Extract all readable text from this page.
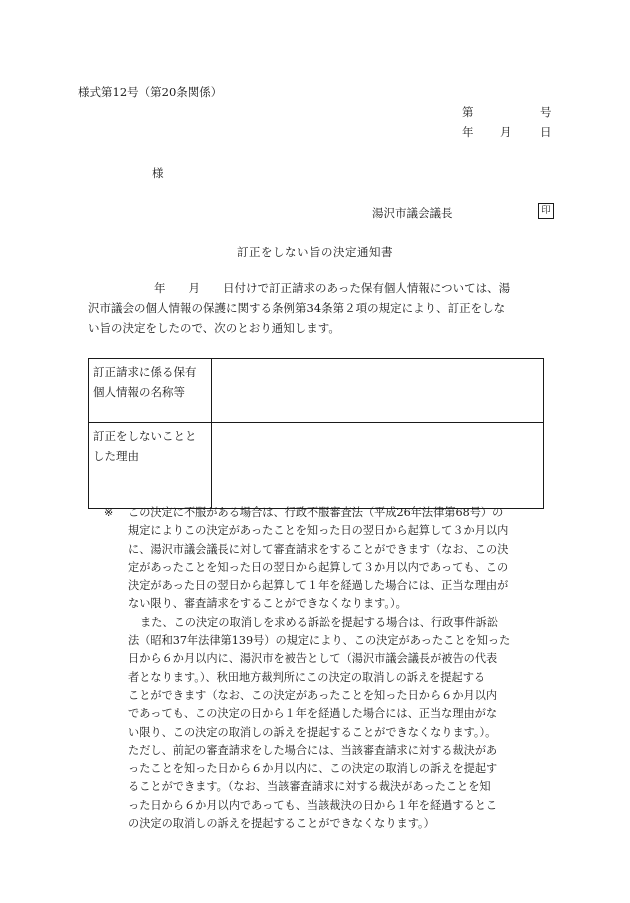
様式第12号（第20条関係）
第	号
年 月 日
様
湯沢市議会議長	印
訂正をしない旨の決定通知書

年　　月　　日付けで訂正請求のあった保有個人情報については、湯

沢市議会の個人情報の保護に関する条例第34条第２項の規定により、訂正をしな

い旨の決定をしたので、次のとおり通知します。

訂正請求に係る保有個人情報の名称等	
訂正をしないこととした理由	

※ この決定に不服がある場合は、行政不服審査法（平成26年法律第68号）の

規定によりこの決定があったことを知った日の翌日から起算して３か月以内

に、湯沢市議会議長に対して審査請求をすることができます（なお、この決

定があったことを知った日の翌日から起算して３か月以内であっても、この

決定があった日の翌日から起算して１年を経過した場合には、正当な理由が

ない限り、審査請求をすることができなくなります。）。

また、この決定の取消しを求める訴訟を提起する場合は、行政事件訴訟

法（昭和37年法律第139号）の規定により、この決定があったことを知った

日から６か月以内に、湯沢市を被告として（湯沢市議会議長が被告の代表

者となります。）、秋田地方裁判所にこの決定の取消しの訴えを提起する

ことができます（なお、この決定があったことを知った日から６か月以内

であっても、この決定の日から１年を経過した場合には、正当な理由がな

い限り、この決定の取消しの訴えを提起することができなくなります。）。

ただし、前記の審査請求をした場合には、当該審査請求に対する裁決があ

ったことを知った日から６か月以内に、この決定の取消しの訴えを提起す

ることができます。（なお、当該審査請求に対する裁決があったことを知

った日から６か月以内であっても、当該裁決の日から１年を経過するとこ

の決定の取消しの訴えを提起することができなくなります。）
